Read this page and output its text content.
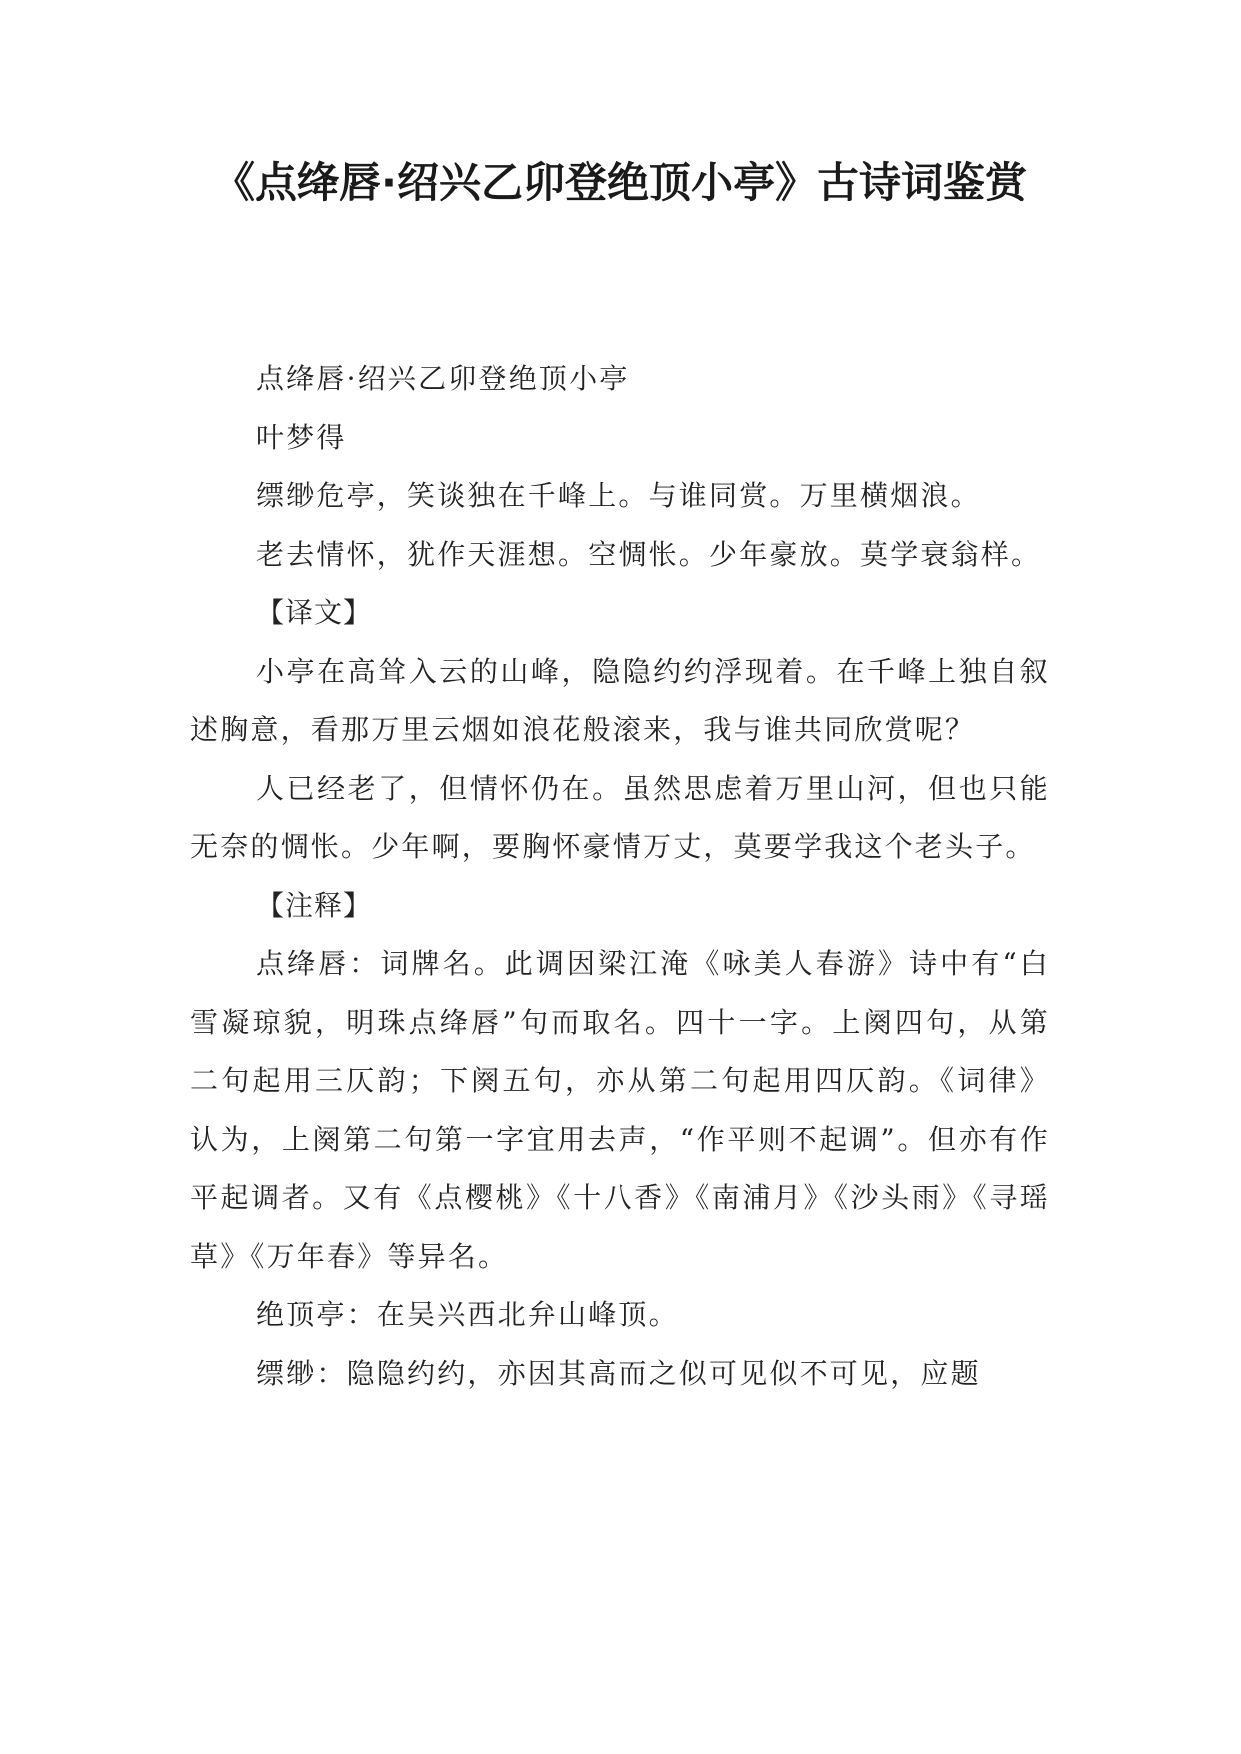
《点绛唇·绍兴乙卯登绝顶小亭》古诗词鉴赏

点绛唇·绍兴乙卯登绝顶小亭

叶梦得

缥缈危亭，笑谈独在千峰上。与谁同赏。万里横烟浪。

老去情怀，犹作天涯想。空惆怅。少年豪放。莫学衰翁样。

【译文】

小亭在高耸入云的山峰，隐隐约约浮现着。在千峰上独自叙述胸意，看那万里云烟如浪花般滚来，我与谁共同欣赏呢？

人已经老了，但情怀仍在。虽然思虑着万里山河，但也只能无奈的惆怅。少年啊，要胸怀豪情万丈，莫要学我这个老头子。

【注释】

点绛唇：词牌名。此调因梁江淹《咏美人春游》诗中有“白雪凝琼貌，明珠点绛唇”句而取名。四十一字。上阕四句，从第二句起用三仄韵；下阕五句，亦从第二句起用四仄韵。《词律》认为，上阕第二句第一字宜用去声，“作平则不起调”。但亦有作平起调者。又有《点樱桃》《十八香》《南浦月》《沙头雨》《寻瑶草》《万年春》等异名。

绝顶亭：在吴兴西北弁山峰顶。

缥缈：隐隐约约，亦因其高而之似可见似不可见，应题
